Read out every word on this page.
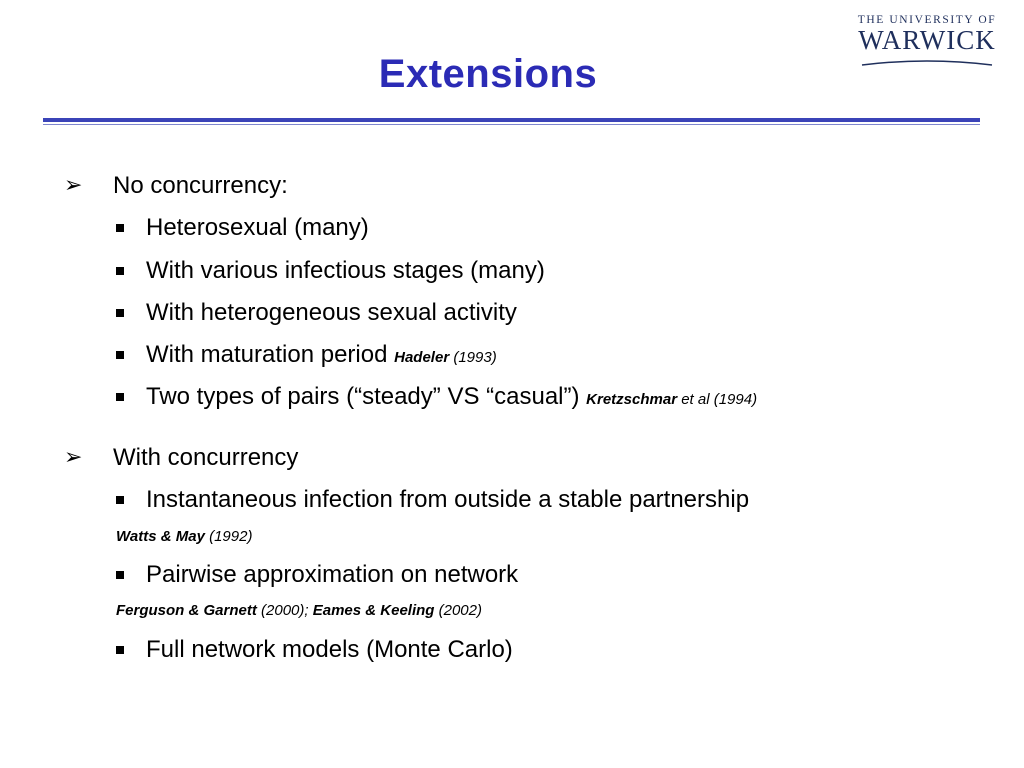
Extensions
THE UNIVERSITY OF
WARWICK
➢ No concurrency:
Heterosexual (many)
With various infectious stages (many)
With heterogeneous sexual activity
With maturation period Hadeler (1993)
Two types of pairs (“steady” VS “casual”) Kretzschmar et al (1994)
➢ With concurrency
Instantaneous infection from outside a stable partnership
Watts & May (1992)
Pairwise approximation on network
Ferguson & Garnett (2000); Eames & Keeling (2002)
Full network models (Monte Carlo)
